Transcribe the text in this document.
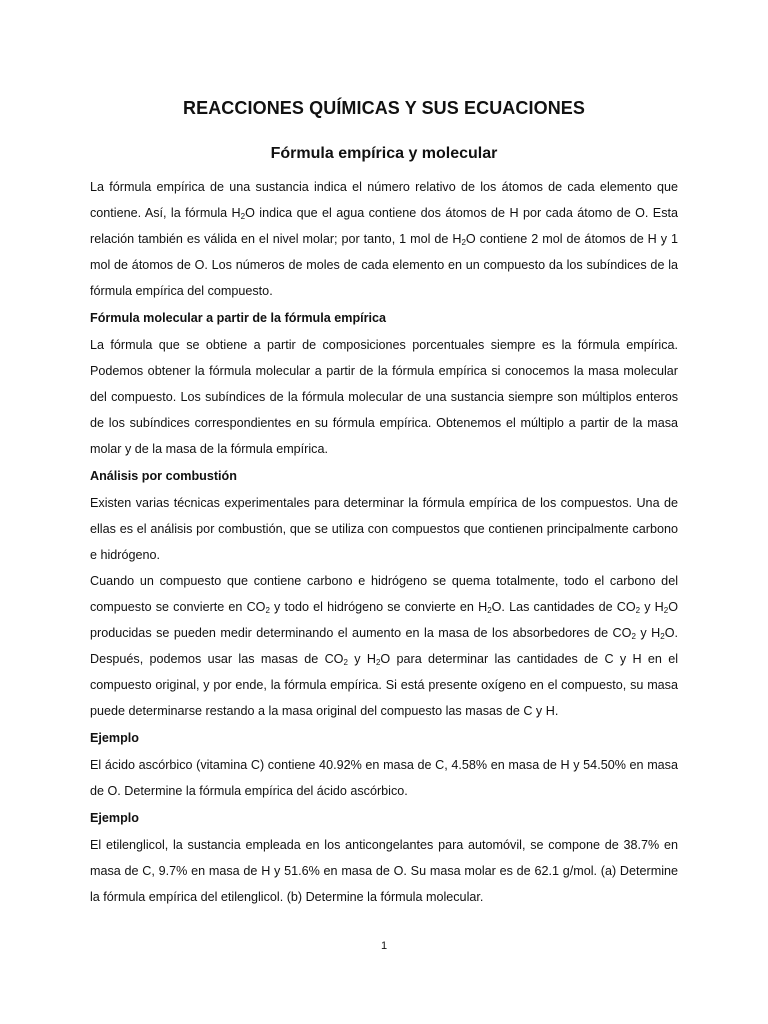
REACCIONES QUÍMICAS Y SUS ECUACIONES
Fórmula empírica y molecular

La fórmula empírica de una sustancia indica el número relativo de los átomos de cada elemento que contiene. Así, la fórmula $H_2O$ indica que el agua contiene dos átomos de H por cada átomo de O. Esta relación también es válida en el nivel molar; por tanto, 1 mol de $H_2O$ contiene 2 mol de átomos de H y 1 mol de átomos de O. Los números de moles de cada elemento en un compuesto da los subíndices de la fórmula empírica del compuesto.

Fórmula molecular a partir de la fórmula empírica

La fórmula que se obtiene a partir de composiciones porcentuales siempre es la fórmula empírica. Podemos obtener la fórmula molecular a partir de la fórmula empírica si conocemos la masa molecular del compuesto. Los subíndices de la fórmula molecular de una sustancia siempre son múltiplos enteros de los subíndices correspondientes en su fórmula empírica. Obtenemos el múltiplo a partir de la masa molar y de la masa de la fórmula empírica.

Análisis por combustión

Existen varias técnicas experimentales para determinar la fórmula empírica de los compuestos. Una de ellas es el análisis por combustión, que se utiliza con compuestos que contienen principalmente carbono e hidrógeno.

Cuando un compuesto que contiene carbono e hidrógeno se quema totalmente, todo el carbono del compuesto se convierte en $CO_2$ y todo el hidrógeno se convierte en $H_2O$. Las cantidades de $CO_2$ y $H_2O$ producidas se pueden medir determinando el aumento en la masa de los absorbedores de $CO_2$ y $H_2O$. Después, podemos usar las masas de $CO_2$ y $H_2O$ para determinar las cantidades de C y H en el compuesto original, y por ende, la fórmula empírica. Si está presente oxígeno en el compuesto, su masa puede determinarse restando a la masa original del compuesto las masas de C y H.

Ejemplo

El ácido ascórbico (vitamina C) contiene 40.92% en masa de C, 4.58% en masa de H y 54.50% en masa de O. Determine la fórmula empírica del ácido ascórbico.

Ejemplo

El etilenglicol, la sustancia empleada en los anticongelantes para automóvil, se compone de 38.7% en masa de C, 9.7% en masa de H y 51.6% en masa de O. Su masa molar es de 62.1 g/mol. (a) Determine la fórmula empírica del etilenglicol. (b) Determine la fórmula molecular.

1
